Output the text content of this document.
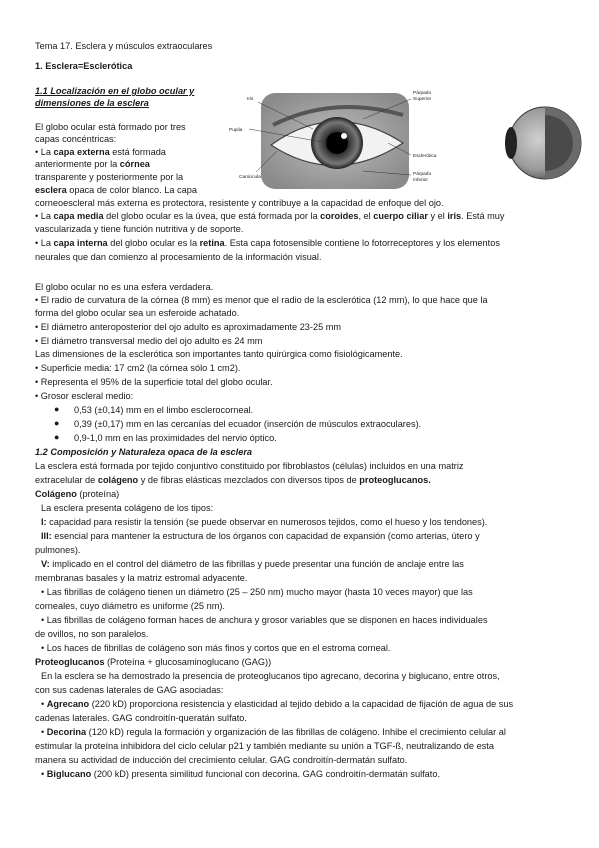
Tema 17. Esclera y músculos extraoculares
1. Esclera=Esclerótica
1.1 Localización en el globo ocular y
dimensiones de la esclera
El globo ocular está formado por tres
capas concéntricas:
• La capa externa está formada
anteriormente por la córnea
transparente y posteriormente por la
esclera opaca de color blanco. La capa
corneoescleral más externa es protectora, resistente y contribuye a la capacidad de enfoque del ojo.
• La capa media del globo ocular es la úvea, que está formada por la coroides, el cuerpo ciliar y el iris. Está muy
vascularizada y tiene función nutritiva y de soporte.
• La capa interna del globo ocular es la retina. Esta capa fotosensible contiene lo fotorreceptores y los elementos
neurales que dan comienzo al procesamiento de la información visual.
El globo ocular no es una esfera verdadera.
• El radio de curvatura de la córnea (8 mm) es menor que el radio de la esclerótica (12 mm), lo que hace que la
forma del globo ocular sea un esferoide achatado.
• El diámetro anteroposterior del ojo adulto es aproximadamente 23-25 mm
• El diámetro transversal medio del ojo adulto es 24 mm
Las dimensiones de la esclerótica son importantes tanto quirúrgica como fisiológicamente.
• Superficie media: 17 cm2 (la córnea sólo 1 cm2).
• Representa el 95% de la superficie total del globo ocular.
• Grosor escleral medio:
● 0,53 (±0,14) mm en el limbo esclerocorneal.
● 0,39 (±0,17) mm en las cercanías del ecuador (inserción de músculos extraoculares).
● 0,9-1,0 mm en las proximidades del nervio óptico.
1.2 Composición y Naturaleza opaca de la esclera
La esclera está formada por tejido conjuntivo constituido por fibroblastos (células) incluidos en una matriz
extracelular de colágeno y de fibras elásticas mezclados con diversos tipos de proteoglucanos.
Colágeno (proteína)
La esclera presenta colágeno de los tipos:
I: capacidad para resistir la tensión (se puede observar en numerosos tejidos, como el hueso y los tendones).
III: esencial para mantener la estructura de los órganos con capacidad de expansión (como arterias, útero y
pulmones).
V: implicado en el control del diámetro de las fibrillas y puede presentar una función de anclaje entre las
membranas basales y la matriz estromal adyacente.
• Las fibrillas de colágeno tienen un diámetro (25 – 250 nm) mucho mayor (hasta 10 veces mayor) que las
corneales, cuyo diámetro es uniforme (25 nm).
• Las fibrillas de colágeno forman haces de anchura y grosor variables que se disponen en haces individuales
de ovillos, no son paralelos.
• Los haces de fibrillas de colágeno son más finos y cortos que en el estroma corneal.
Proteoglucanos (Proteína + glucosaminoglucano (GAG))
En la esclera se ha demostrado la presencia de proteoglucanos tipo agrecano, decorina y biglucano, entre otros,
con sus cadenas laterales de GAG asociadas:
• Agrecano (220 kD) proporciona resistencia y elasticidad al tejido debido a la capacidad de fijación de agua de sus
cadenas laterales. GAG condroitín-queratán sulfato.
• Decorina (120 kD) regula la formación y organización de las fibrillas de colágeno. Inhibe el crecimiento celular al
estimular la proteína inhibidora del ciclo celular p21 y también mediante su unión a TGF-ß, neutralizando de esta
manera su actividad de inducción del crecimiento celular. GAG condroitín-dermatán sulfato.
• Biglucano (200 kD) presenta similitud funcional con decorina. GAG condroitín-dermatán sulfato.
Iris
Pupila
Carúncula
Párpado
Superior
Esclerótica
Párpado
Inferior
